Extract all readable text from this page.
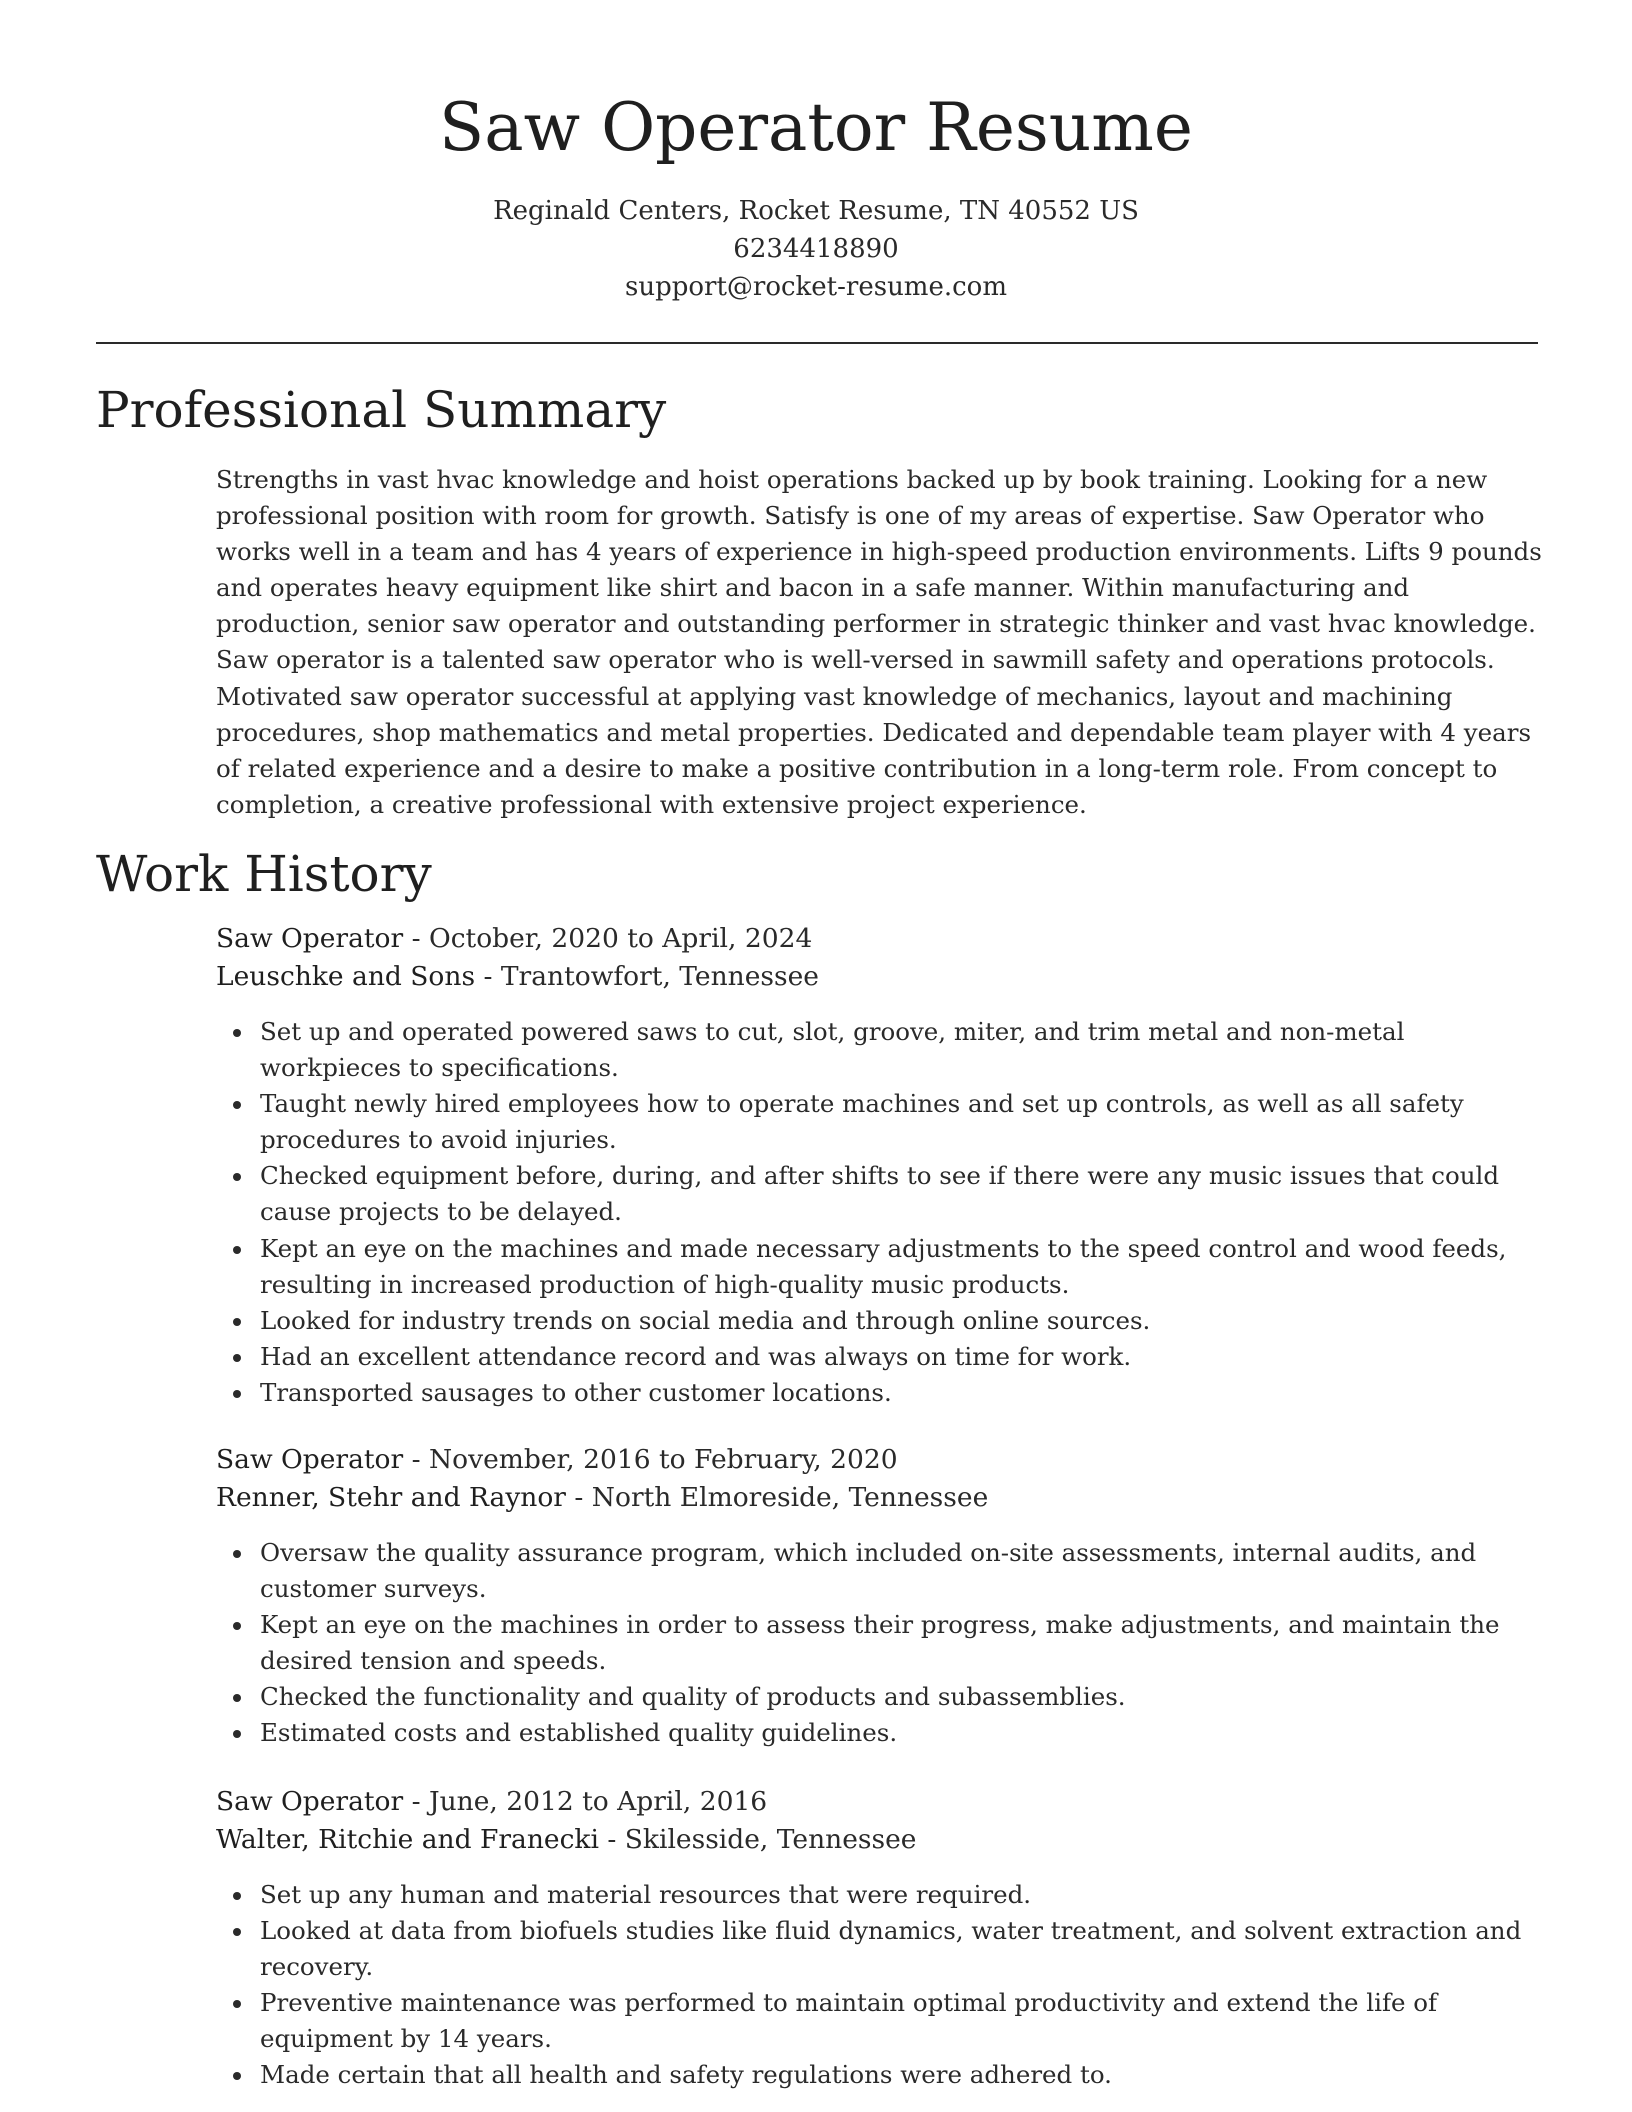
Saw Operator Resume
Reginald Centers, Rocket Resume, TN 40552 US
6234418890
support@rocket-resume.com
Professional Summary

Strengths in vast hvac knowledge and hoist operations backed up by book training. Looking for a new professional position with room for growth. Satisfy is one of my areas of expertise. Saw Operator who works well in a team and has 4 years of experience in high-speed production environments. Lifts 9 pounds and operates heavy equipment like shirt and bacon in a safe manner. Within manufacturing and production, senior saw operator and outstanding performer in strategic thinker and vast hvac knowledge. Saw operator is a talented saw operator who is well-versed in sawmill safety and operations protocols. Motivated saw operator successful at applying vast knowledge of mechanics, layout and machining procedures, shop mathematics and metal properties. Dedicated and dependable team player with 4 years of related experience and a desire to make a positive contribution in a long-term role. From concept to completion, a creative professional with extensive project experience.

Work History
Saw Operator - October, 2020 to April, 2024
Leuschke and Sons - Trantowfort, Tennessee
Set up and operated powered saws to cut, slot, groove, miter, and trim metal and non-metal workpieces to specifications.
Taught newly hired employees how to operate machines and set up controls, as well as all safety procedures to avoid injuries.
Checked equipment before, during, and after shifts to see if there were any music issues that could cause projects to be delayed.
Kept an eye on the machines and made necessary adjustments to the speed control and wood feeds, resulting in increased production of high-quality music products.
Looked for industry trends on social media and through online sources.
Had an excellent attendance record and was always on time for work.
Transported sausages to other customer locations.
Saw Operator - November, 2016 to February, 2020
Renner, Stehr and Raynor - North Elmoreside, Tennessee
Oversaw the quality assurance program, which included on-site assessments, internal audits, and customer surveys.
Kept an eye on the machines in order to assess their progress, make adjustments, and maintain the desired tension and speeds.
Checked the functionality and quality of products and subassemblies.
Estimated costs and established quality guidelines.
Saw Operator - June, 2012 to April, 2016
Walter, Ritchie and Franecki - Skilesside, Tennessee
Set up any human and material resources that were required.
Looked at data from biofuels studies like fluid dynamics, water treatment, and solvent extraction and recovery.
Preventive maintenance was performed to maintain optimal productivity and extend the life of equipment by 14 years.
Made certain that all health and safety regulations were adhered to.
